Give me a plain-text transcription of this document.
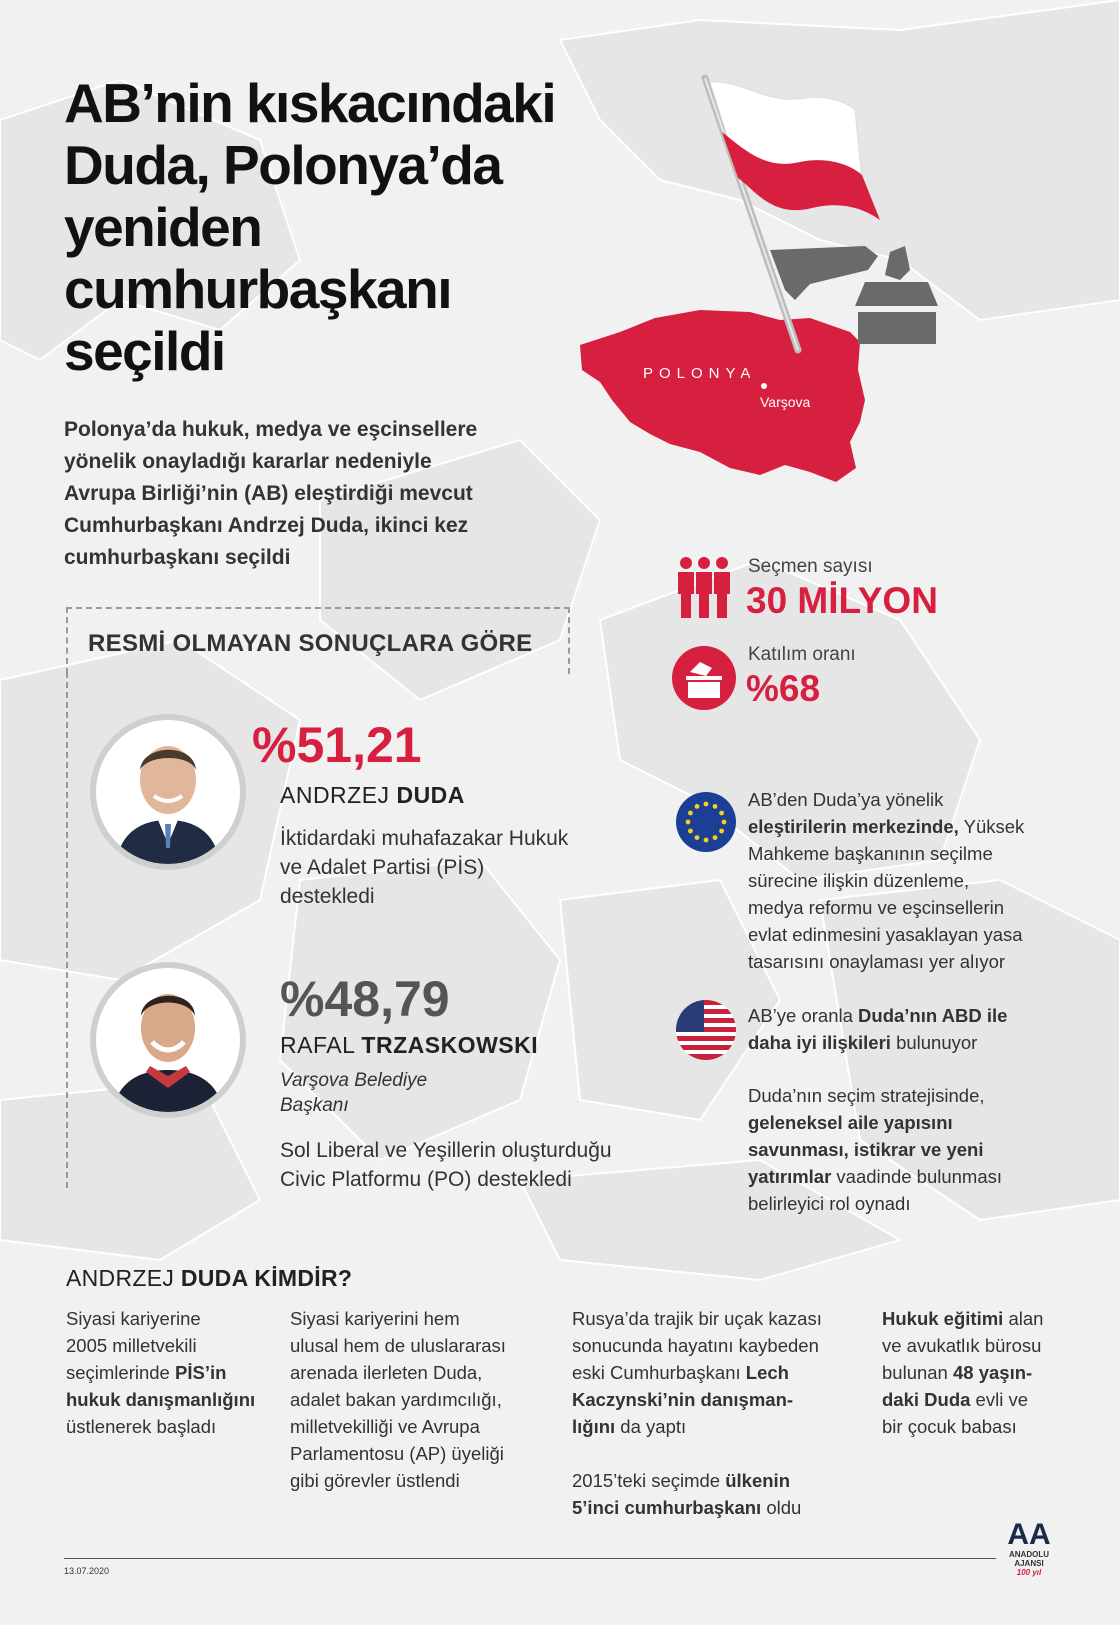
AB’nin kıskacındaki
Duda, Polonya’da
yeniden
cumhurbaşkanı
seçildi
Polonya’da hukuk, medya ve eşcinsellere
yönelik onayladığı kararlar nedeniyle
Avrupa Birliği’nin (AB) eleştirdiği mevcut
Cumhurbaşkanı Andrzej Duda, ikinci kez
cumhurbaşkanı seçildi
POLONYA
Varşova
Seçmen sayısı
30 MİLYON
Katılım oranı
%68
RESMİ OLMAYAN SONUÇLARA GÖRE
%51,21
ANDRZEJ DUDA
İktidardaki muhafazakar Hukuk
ve Adalet Partisi (PİS)
destekledi
%48,79
RAFAL TRZASKOWSKI
Varşova Belediye
Başkanı
Sol Liberal ve Yeşillerin oluşturduğu
Civic Platformu (PO) destekledi
AB’den Duda’ya yönelik
eleştirilerin merkezinde, Yüksek
Mahkeme başkanının seçilme
sürecine ilişkin düzenleme,
medya reformu ve eşcinsellerin
evlat edinmesini yasaklayan yasa
tasarısını onaylaması yer alıyor
AB’ye oranla Duda’nın ABD ile
daha iyi ilişkileri bulunuyor
Duda’nın seçim stratejisinde,
geleneksel aile yapısını
savunması, istikrar ve yeni
yatırımlar vaadinde bulunması
belirleyici rol oynadı
ANDRZEJ DUDA KİMDİR?
Siyasi kariyerine
2005 milletvekili
seçimlerinde PİS’in
hukuk danışmanlığını
üstlenerek başladı
Siyasi kariyerini hem
ulusal hem de uluslararası
arenada ilerleten Duda,
adalet bakan yardımcılığı,
milletvekilliği ve Avrupa
Parlamentosu (AP) üyeliği
gibi görevler üstlendi
Rusya’da trajik bir uçak kazası
sonucunda hayatını kaybeden
eski Cumhurbaşkanı Lech
Kaczynski’nin danışman-
lığını da yaptı
2015’teki seçimde ülkenin
5’inci cumhurbaşkanı oldu
Hukuk eğitimi alan
ve avukatlık bürosu
bulunan 48 yaşın-
daki Duda evli ve
bir çocuk babası
13.07.2020
AA
ANADOLU AJANSI
100 yıl
